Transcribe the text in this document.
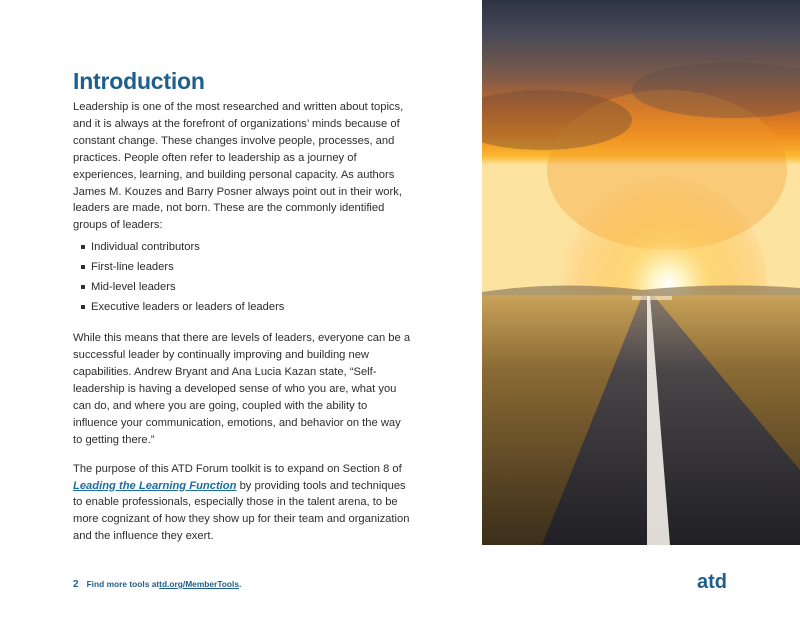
Introduction

Leadership is one of the most researched and written about topics, and it is always at the forefront of organizations’ minds because of constant change. These changes involve people, processes, and practices. People often refer to leadership as a journey of experiences, learning, and building personal capacity. As authors James M. Kouzes and Barry Posner always point out in their work, leaders are made, not born. These are the commonly identified groups of leaders:

Individual contributors
First-line leaders
Mid-level leaders
Executive leaders or leaders of leaders

While this means that there are levels of leaders, everyone can be a successful leader by continually improving and building new capabilities. Andrew Bryant and Ana Lucia Kazan state, “Self-leadership is having a developed sense of who you are, what you can do, and where you are going, coupled with the ability to influence your communication, emotions, and behavior on the way to getting there.”

The purpose of this ATD Forum toolkit is to expand on Section 8 of Leading the Learning Function by providing tools and techniques to enable professionals, especially those in the talent arena, to be more cognizant of how they show up for their team and organization and the influence they exert.

2 Find more tools at td.org/MemberTools .	atd
